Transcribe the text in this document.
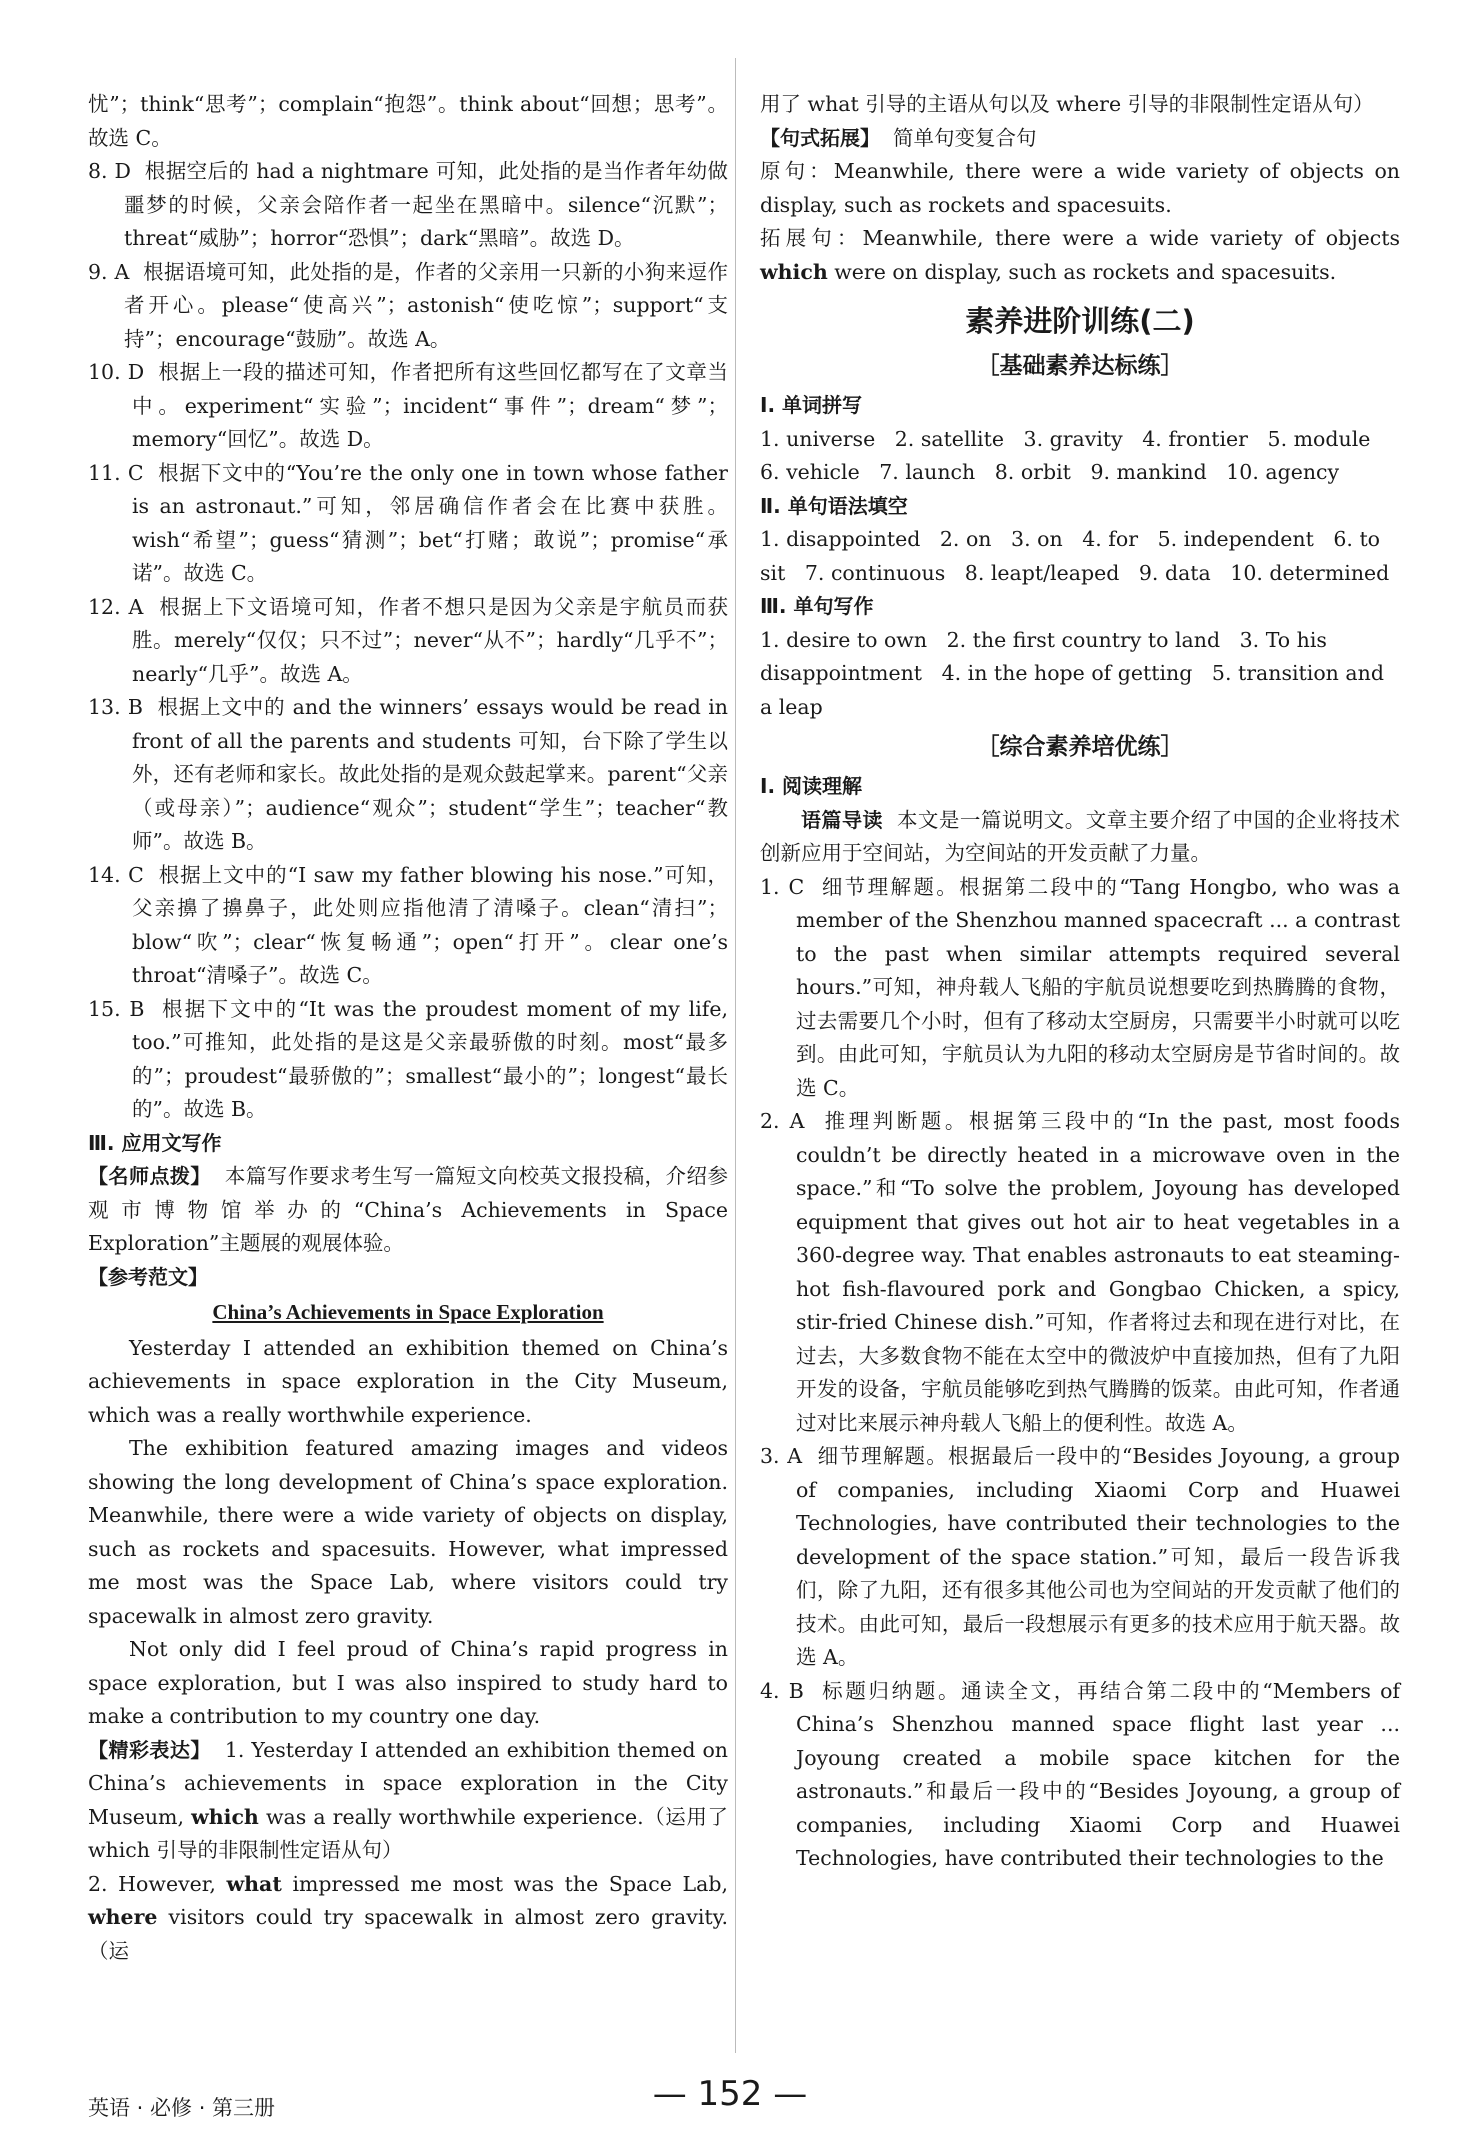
忧”；think“思考”；complain“抱怨”。think about“回想；思考”。故选 C。

8. D 根据空后的 had a nightmare 可知，此处指的是当作者年幼做噩梦的时候，父亲会陪作者一起坐在黑暗中。silence“沉默”；threat“威胁”；horror“恐惧”；dark“黑暗”。故选 D。

9. A 根据语境可知，此处指的是，作者的父亲用一只新的小狗来逗作者开心。please“使高兴”；astonish“使吃惊”；support“支持”；encourage“鼓励”。故选 A。

10. D 根据上一段的描述可知，作者把所有这些回忆都写在了文章当中。experiment“实验”；incident“事件”；dream“梦”；memory“回忆”。故选 D。

11. C 根据下文中的“You’re the only one in town whose father is an astronaut.”可知，邻居确信作者会在比赛中获胜。wish“希望”；guess“猜测”；bet“打赌；敢说”；promise“承诺”。故选 C。

12. A 根据上下文语境可知，作者不想只是因为父亲是宇航员而获胜。merely“仅仅；只不过”；never“从不”；hardly“几乎不”；nearly“几乎”。故选 A。

13. B 根据上文中的 and the winners’ essays would be read in front of all the parents and students 可知，台下除了学生以外，还有老师和家长。故此处指的是观众鼓起掌来。parent“父亲（或母亲）”；audience“观众”；student“学生”；teacher“教师”。故选 B。

14. C 根据上文中的“I saw my father blowing his nose.”可知，父亲擤了擤鼻子，此处则应指他清了清嗓子。clean“清扫”；blow“吹”；clear“恢复畅通”；open“打开”。clear one’s throat“清嗓子”。故选 C。

15. B 根据下文中的“It was the proudest moment of my life, too.”可推知，此处指的是这是父亲最骄傲的时刻。most“最多的”；proudest“最骄傲的”；smallest“最小的”；longest“最长的”。故选 B。

Ⅲ. 应用文写作

【名师点拨】 本篇写作要求考生写一篇短文向校英文报投稿，介绍参观市博物馆举办的“China’s Achievements in Space Exploration”主题展的观展体验。

【参考范文】

China’s Achievements in Space Exploration

Yesterday I attended an exhibition themed on China’s achievements in space exploration in the City Museum, which was a really worthwhile experience.

The exhibition featured amazing images and videos showing the long development of China’s space exploration. Meanwhile, there were a wide variety of objects on display, such as rockets and spacesuits. However, what impressed me most was the Space Lab, where visitors could try spacewalk in almost zero gravity.

Not only did I feel proud of China’s rapid progress in space exploration, but I was also inspired to study hard to make a contribution to my country one day.

【精彩表达】 1. Yesterday I attended an exhibition themed on China’s achievements in space exploration in the City Museum, which was a really worthwhile experience.（运用了 which 引导的非限制性定语从句）

2. However, what impressed me most was the Space Lab, where visitors could try spacewalk in almost zero gravity.（运

用了 what 引导的主语从句以及 where 引导的非限制性定语从句）

【句式拓展】 简单句变复合句

原句：Meanwhile, there were a wide variety of objects on display, such as rockets and spacesuits.

拓展句：Meanwhile, there were a wide variety of objects which were on display, such as rockets and spacesuits.

素养进阶训练(二)

［基础素养达标练］

Ⅰ. 单词拼写

1. universe   2. satellite   3. gravity   4. frontier   5. module

6. vehicle   7. launch   8. orbit   9. mankind   10. agency

Ⅱ. 单句语法填空

1. disappointed   2. on   3. on   4. for   5. independent   6. to

sit   7. continuous   8. leapt/leaped   9. data   10. determined

Ⅲ. 单句写作

1. desire to own   2. the first country to land   3. To his

disappointment   4. in the hope of getting   5. transition and

a leap

［综合素养培优练］

Ⅰ. 阅读理解

语篇导读 本文是一篇说明文。文章主要介绍了中国的企业将技术创新应用于空间站，为空间站的开发贡献了力量。

1. C 细节理解题。根据第二段中的“Tang Hongbo, who was a member of the Shenzhou manned spacecraft ... a contrast to the past when similar attempts required several hours.”可知，神舟载人飞船的宇航员说想要吃到热腾腾的食物，过去需要几个小时，但有了移动太空厨房，只需要半小时就可以吃到。由此可知，宇航员认为九阳的移动太空厨房是节省时间的。故选 C。

2. A 推理判断题。根据第三段中的“In the past, most foods couldn’t be directly heated in a microwave oven in the space.”和“To solve the problem, Joyoung has developed equipment that gives out hot air to heat vegetables in a 360-degree way. That enables astronauts to eat steaming-hot fish-flavoured pork and Gongbao Chicken, a spicy, stir-fried Chinese dish.”可知，作者将过去和现在进行对比，在过去，大多数食物不能在太空中的微波炉中直接加热，但有了九阳开发的设备，宇航员能够吃到热气腾腾的饭菜。由此可知，作者通过对比来展示神舟载人飞船上的便利性。故选 A。

3. A 细节理解题。根据最后一段中的“Besides Joyoung, a group of companies, including Xiaomi Corp and Huawei Technologies, have contributed their technologies to the development of the space station.”可知，最后一段告诉我们，除了九阳，还有很多其他公司也为空间站的开发贡献了他们的技术。由此可知，最后一段想展示有更多的技术应用于航天器。故选 A。

4. B 标题归纳题。通读全文，再结合第二段中的“Members of China’s Shenzhou manned space flight last year ... Joyoung created a mobile space kitchen for the astronauts.”和最后一段中的“Besides Joyoung, a group of companies, including Xiaomi Corp and Huawei Technologies, have contributed their technologies to the

英语 · 必修 · 第三册	— 152 —
